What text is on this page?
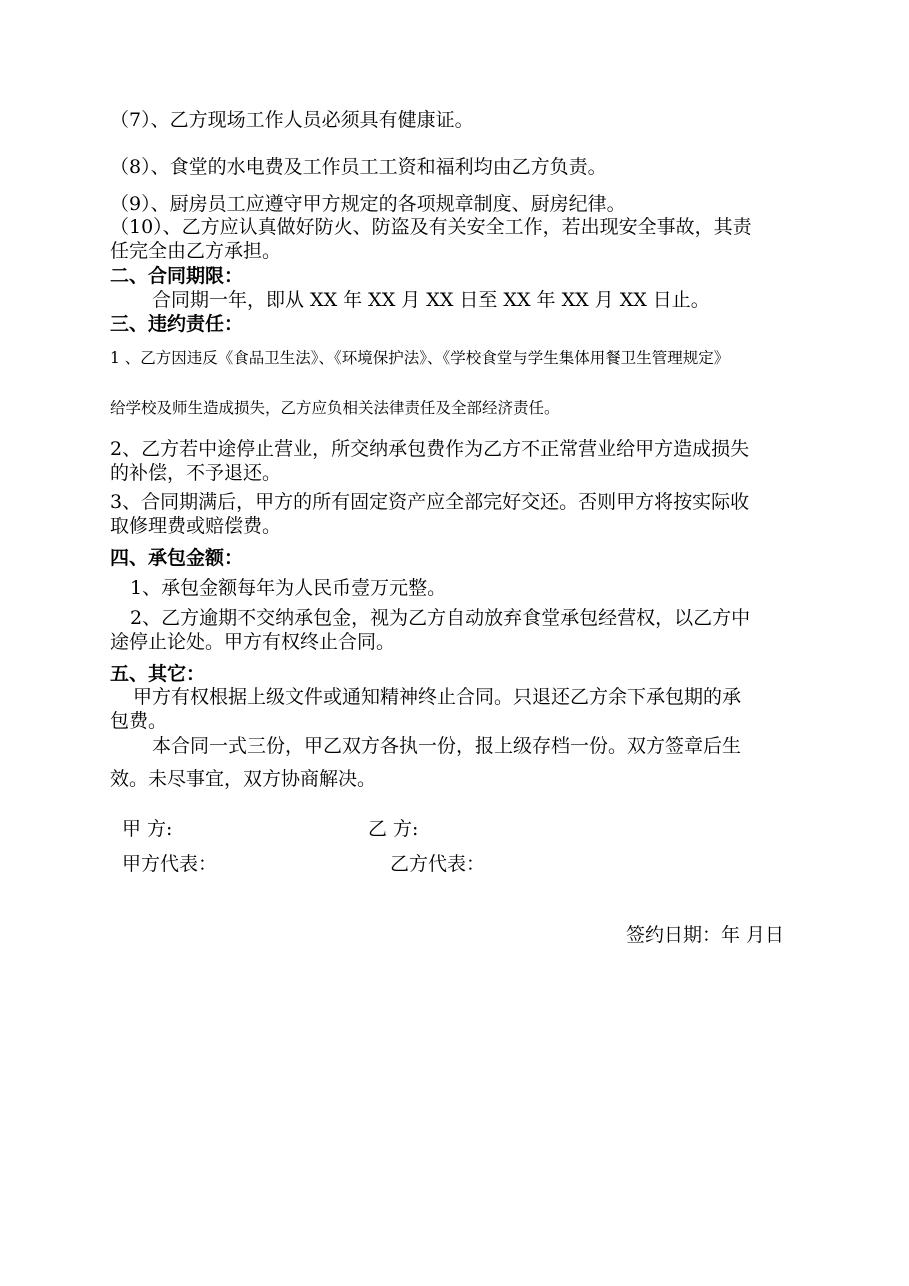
（7）、乙方现场工作人员必须具有健康证。
（8）、食堂的水电费及工作员工工资和福利均由乙方负责。
（9）、厨房员工应遵守甲方规定的各项规章制度、厨房纪律。
（10）、乙方应认真做好防火、防盗及有关安全工作，若出现安全事故，其责
任完全由乙方承担。
二、合同期限：
合同期一年，即从 XX 年 XX 月 XX 日至 XX 年 XX 月 XX 日止。
三、违约责任：
1 、乙方因违反《食品卫生法》、《环境保护法》、《学校食堂与学生集体用餐卫生管理规定》
给学校及师生造成损失，乙方应负相关法律责任及全部经济责任。
2、乙方若中途停止营业，所交纳承包费作为乙方不正常营业给甲方造成损失
的补偿，不予退还。
3、合同期满后，甲方的所有固定资产应全部完好交还。否则甲方将按实际收
取修理费或赔偿费。
四、承包金额：
1、承包金额每年为人民币壹万元整。
2、乙方逾期不交纳承包金，视为乙方自动放弃食堂承包经营权，以乙方中
途停止论处。甲方有权终止合同。
五、其它：
甲方有权根据上级文件或通知精神终止合同。只退还乙方余下承包期的承
包费。
本合同一式三份，甲乙双方各执一份，报上级存档一份。双方签章后生
效。未尽事宜，双方协商解决。
甲 方:	乙 方:
甲方代表：	乙方代表：
签约日期：年 月日
